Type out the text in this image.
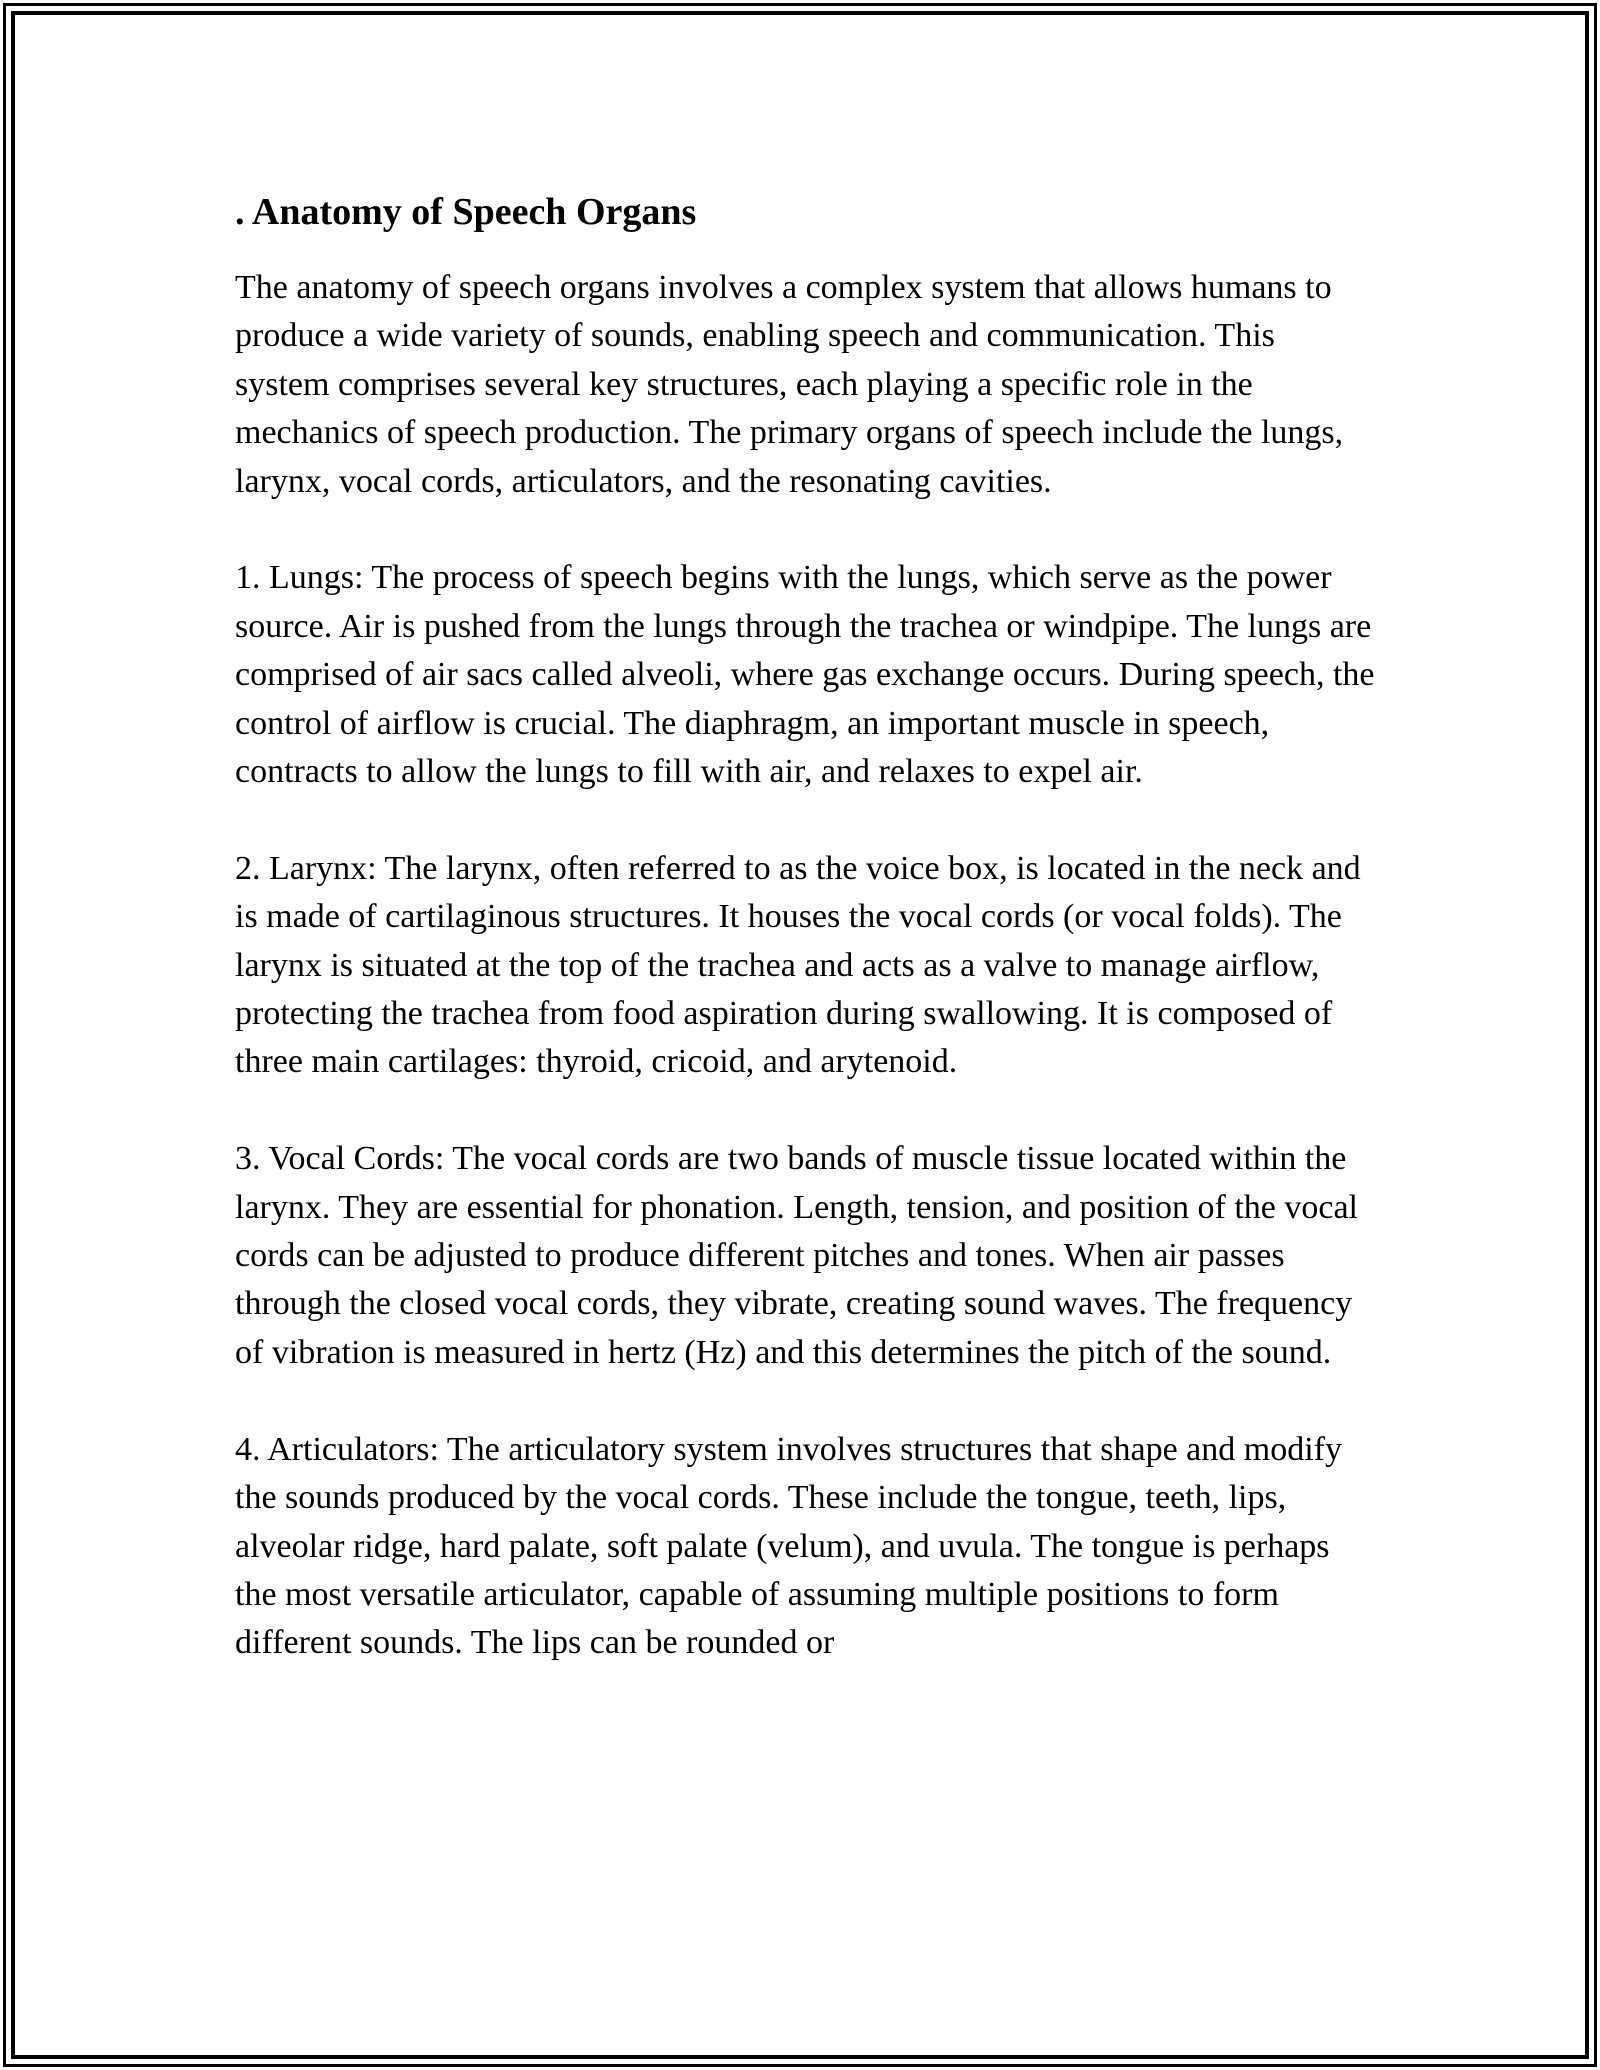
. Anatomy of Speech Organs

The anatomy of speech organs involves a complex system that allows humans to produce a wide variety of sounds, enabling speech and communication. This system comprises several key structures, each playing a specific role in the mechanics of speech production. The primary organs of speech include the lungs, larynx, vocal cords, articulators, and the resonating cavities.

1. Lungs: The process of speech begins with the lungs, which serve as the power source. Air is pushed from the lungs through the trachea or windpipe. The lungs are comprised of air sacs called alveoli, where gas exchange occurs. During speech, the control of airflow is crucial. The diaphragm, an important muscle in speech, contracts to allow the lungs to fill with air, and relaxes to expel air.

2. Larynx: The larynx, often referred to as the voice box, is located in the neck and is made of cartilaginous structures. It houses the vocal cords (or vocal folds). The larynx is situated at the top of the trachea and acts as a valve to manage airflow, protecting the trachea from food aspiration during swallowing. It is composed of three main cartilages: thyroid, cricoid, and arytenoid.

3. Vocal Cords: The vocal cords are two bands of muscle tissue located within the larynx. They are essential for phonation. Length, tension, and position of the vocal cords can be adjusted to produce different pitches and tones. When air passes through the closed vocal cords, they vibrate, creating sound waves. The frequency of vibration is measured in hertz (Hz) and this determines the pitch of the sound.

4. Articulators: The articulatory system involves structures that shape and modify the sounds produced by the vocal cords. These include the tongue, teeth, lips, alveolar ridge, hard palate, soft palate (velum), and uvula. The tongue is perhaps the most versatile articulator, capable of assuming multiple positions to form different sounds. The lips can be rounded or
